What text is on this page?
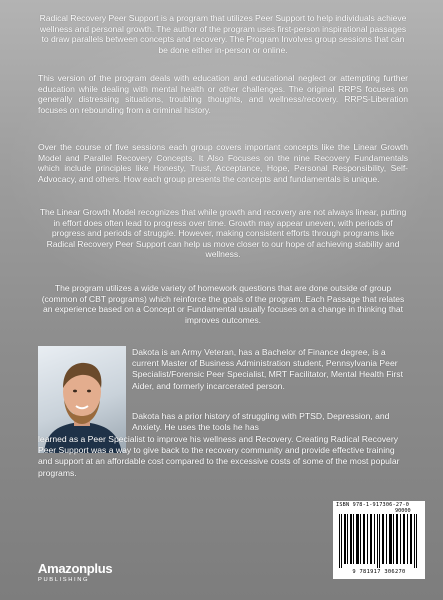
Radical Recovery Peer Support is a program that utilizes Peer Support to help individuals achieve wellness and personal growth. The author of the program uses first-person inspirational passages to draw parallels between concepts and recovery. The Program Involves group sessions that can be done either in-person or online.

This version of the program deals with education and educational neglect or attempting further education while dealing with mental health or other challenges. The original RRPS focuses on generally distressing situations, troubling thoughts, and wellness/recovery. RRPS-Liberation focuses on rebounding from a criminal history.

Over the course of five sessions each group covers important concepts like the Linear Growth Model and Parallel Recovery Concepts. It Also Focuses on the nine Recovery Fundamentals which include principles like Honesty, Trust, Acceptance, Hope, Personal Responsibility, Self-Advocacy, and others. How each group presents the concepts and fundamentals is unique.

The Linear Growth Model recognizes that while growth and recovery are not always linear, putting in effort does often lead to progress over time. Growth may appear uneven, with periods of progress and periods of struggle. However, making consistent efforts through programs like Radical Recovery Peer Support can help us move closer to our hope of achieving stability and wellness.

The program utilizes a wide variety of homework questions that are done outside of group (common of CBT programs) which reinforce the goals of the program. Each Passage that relates an experience based on a Concept or Fundamental usually focuses on a change in thinking that improves outcomes.

Dakota is an Army Veteran, has a Bachelor of Finance degree, is a current Master of Business Administration student, Pennsylvania Peer Specialist/Forensic Peer Specialist, MRT Facilitator, Mental Health First Aider, and formerly incarcerated person.

Dakota has a prior history of struggling with PTSD, Depression, and Anxiety. He uses the tools he has

learned as a Peer Specialist to improve his wellness and Recovery. Creating Radical Recovery Peer Support was a way to give back to the recovery community and provide effective training and support at an affordable cost compared to the excessive costs of some of the most popular programs.

ISBN 978-1-917306-27-0
90000
9 781917 306270
Amazonplus
PUBLISHING
